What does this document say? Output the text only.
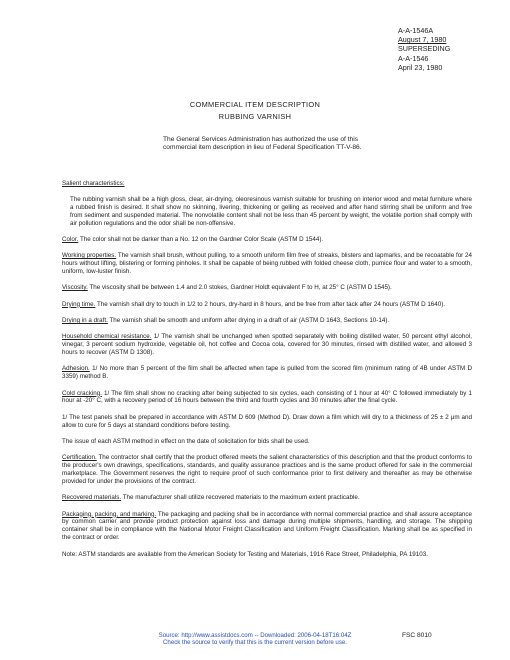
A-A-1546A
August 7, 1980
SUPERSEDING
A-A-1546
April 23, 1980
COMMERCIAL ITEM DESCRIPTION
RUBBING VARNISH
The General Services Administration has authorized the use of this commercial item description in lieu of Federal Specification TT-V-86.

Salient characteristics:

The rubbing varnish shall be a high gloss, clear, air-drying, oleoresinous varnish suitable for brushing on interior wood and metal furniture where a rubbed finish is desired. It shall show no skinning, livering, thickening or gelling as received and after hand stirring shall be uniform and free from sediment and suspended material. The nonvolatile content shall not be less than 45 percent by weight, the volatile portion shall comply with air pollution regulations and the odor shall be non-offensive.

Color. The color shall not be darker than a No. 12 on the Gardner Color Scale (ASTM D 1544).

Working properties. The varnish shall brush, without pulling, to a smooth uniform film free of streaks, blisters and lapmarks, and be recoatable for 24 hours without lifting, blistering or forming pinholes. It shall be capable of being rubbed with folded cheese cloth, pumice flour and water to a smooth, uniform, low-luster finish.

Viscosity. The viscosity shall be between 1.4 and 2.0 stokes, Gardner Holdt equivalent F to H, at 25° C (ASTM D 1545).

Drying time. The varnish shall dry to touch in 1/2 to 2 hours, dry-hard in 8 hours, and be free from after tack after 24 hours (ASTM D 1640).

Drying in a draft. The varnish shall be smooth and uniform after drying in a draft of air (ASTM D 1643, Sections 10-14).

Household chemical resistance. 1/ The varnish shall be unchanged when spotted separately with boiling distilled water, 50 percent ethyl alcohol, vinegar, 3 percent sodium hydroxide, vegetable oil, hot coffee and Cocoa cola, covered for 30 minutes, rinsed with distilled water, and allowed 3 hours to recover (ASTM D 1308).

Adhesion. 1/ No more than 5 percent of the film shall be affected when tape is pulled from the scored film (minimum rating of 4B under ASTM D 3359) method B.

Cold cracking. 1/ The film shall show no cracking after being subjected to six cycles, each consisting of 1 hour at 40° C followed immediately by 1 hour at -20° C, with a recovery period of 16 hours between the third and fourth cycles and 30 minutes after the final cycle.

1/ The test panels shall be prepared in accordance with ASTM D 609 (Method D). Draw down a film which will dry to a thickness of 25 ± 2 μm and allow to cure for 5 days at standard conditions before testing.

The issue of each ASTM method in effect on the date of solicitation for bids shall be used.

Certification. The contractor shall certify that the product offered meets the salient characteristics of this description and that the product conforms to the producer's own drawings, specifications, standards, and quality assurance practices and is the same product offered for sale in the commercial marketplace. The Government reserves the right to require proof of such conformance prior to first delivery and thereafter as may be otherwise provided for under the provisions of the contract.

Recovered materials. The manufacturer shall utilize recovered materials to the maximum extent practicable.

Packaging, packing, and marking. The packaging and packing shall be in accordance with normal commercial practice and shall assure acceptance by common carrier and provide product protection against loss and damage during multiple shipments, handling, and storage. The shipping container shall be in compliance with the National Motor Freight Classification and Uniform Freight Classification. Marking shall be as specified in the contract or order.

Note: ASTM standards are available from the American Society for Testing and Materials, 1916 Race Street, Philadelphia, PA 19103.

Source: http://www.assistdocs.com -- Downloaded: 2006-04-18T16:04Z
Check the source to verify that this is the current version before use.
FSC 8010
